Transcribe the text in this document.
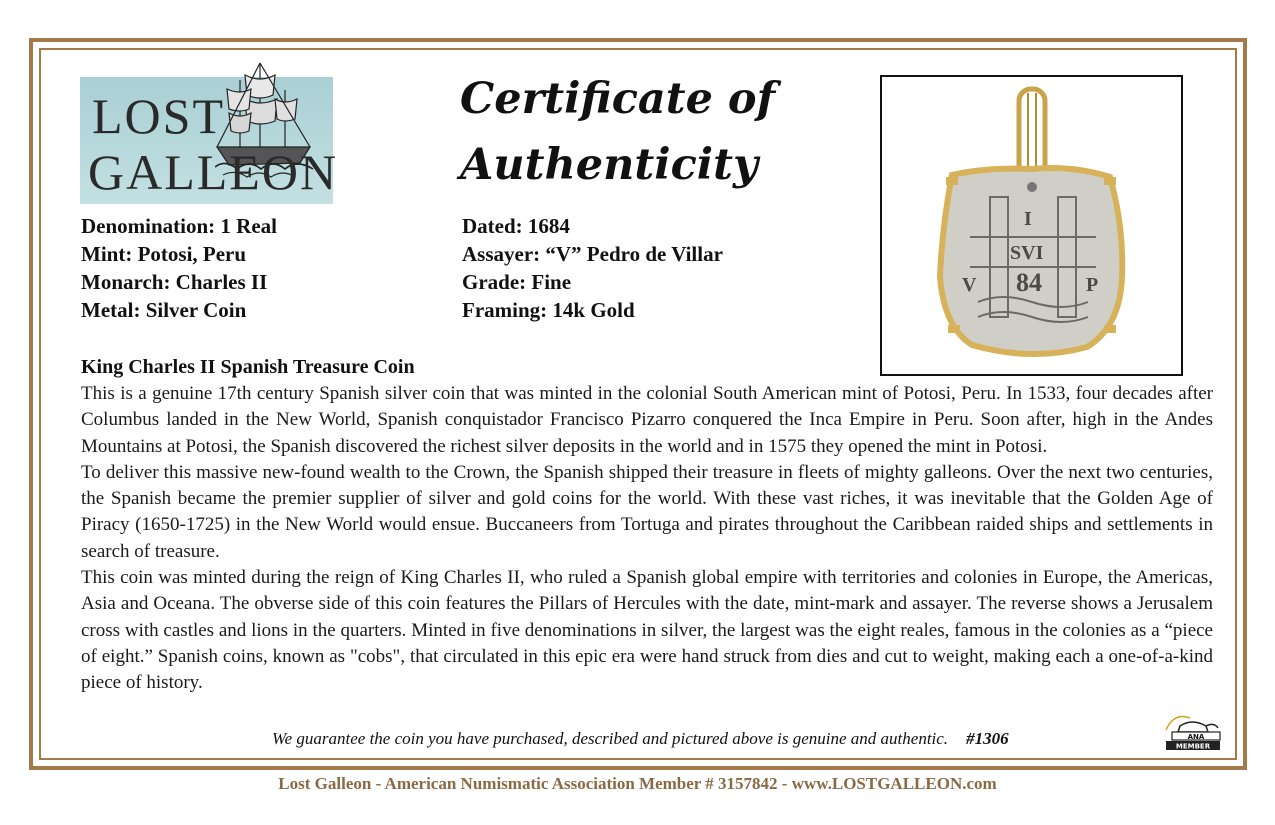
LOST
GALLEON
Certificate of
Authenticity
I
SVI
84
V	P
Denomination: 1 Real
Mint: Potosi, Peru
Monarch: Charles II
Metal: Silver Coin
Dated: 1684
Assayer: “V” Pedro de Villar
Grade: Fine
Framing: 14k Gold
King Charles II Spanish Treasure Coin

This is a genuine 17th century Spanish silver coin that was minted in the colonial South American mint of Potosi, Peru. In 1533, four decades after Columbus landed in the New World, Spanish conquistador Francisco Pizarro conquered the Inca Empire in Peru. Soon after, high in the Andes Mountains at Potosi, the Spanish discovered the richest silver deposits in the world and in 1575 they opened the mint in Potosi.

To deliver this massive new-found wealth to the Crown, the Spanish shipped their treasure in fleets of mighty galleons. Over the next two centuries, the Spanish became the premier supplier of silver and gold coins for the world. With these vast riches, it was inevitable that the Golden Age of Piracy (1650-1725) in the New World would ensue. Buccaneers from Tortuga and pirates throughout the Caribbean raided ships and settlements in search of treasure.

This coin was minted during the reign of King Charles II, who ruled a Spanish global empire with territories and colonies in Europe, the Americas, Asia and Oceana. The obverse side of this coin features the Pillars of Hercules with the date, mint-mark and assayer. The reverse shows a Jerusalem cross with castles and lions in the quarters. Minted in five denominations in silver, the largest was the eight reales, famous in the colonies as a “piece of eight.” Spanish coins, known as "cobs", that circulated in this epic era were hand struck from dies and cut to weight, making each a one-of-a-kind piece of history.

We guarantee the coin you have purchased, described and pictured above is genuine and authentic. #1306	ANA
MEMBER
Lost Galleon - American Numismatic Association Member # 3157842 - www.LOSTGALLEON.com
